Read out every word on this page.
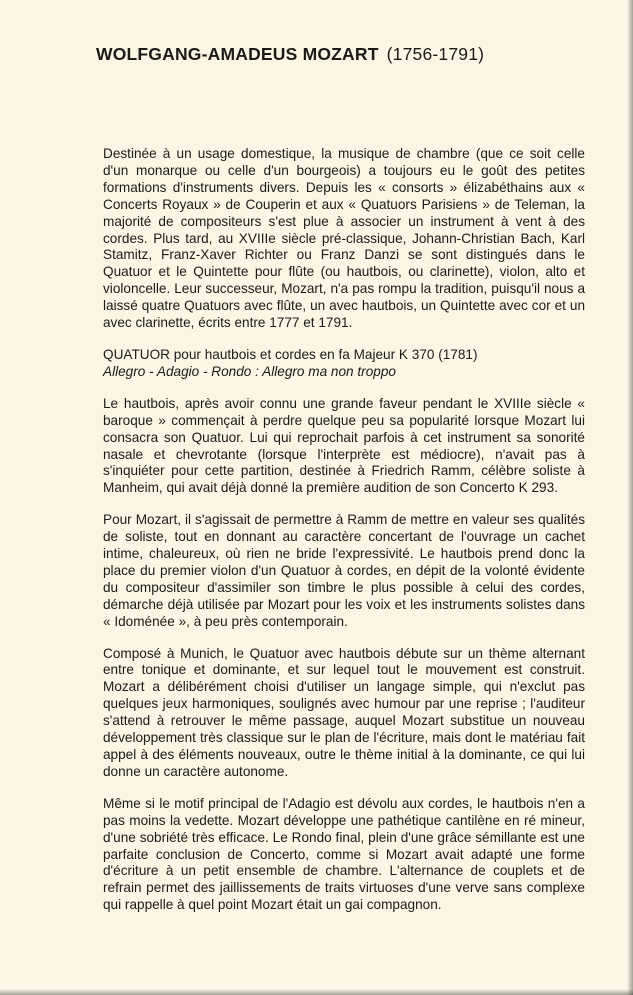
WOLFGANG-AMADEUS MOZART (1756-1791)

Destinée à un usage domestique, la musique de chambre (que ce soit celle d'un monarque ou celle d'un bourgeois) a toujours eu le goût des petites formations d'instruments divers. Depuis les « consorts » élizabéthains aux « Concerts Royaux » de Couperin et aux « Quatuors Parisiens » de Teleman, la majorité de compositeurs s'est plue à associer un instrument à vent à des cordes. Plus tard, au XVIIIe siècle pré-classique, Johann-Christian Bach, Karl Stamitz, Franz-Xaver Richter ou Franz Danzi se sont distingués dans le Quatuor et le Quintette pour flûte (ou hautbois, ou clarinette), violon, alto et violoncelle. Leur successeur, Mozart, n'a pas rompu la tradition, puisqu'il nous a laissé quatre Quatuors avec flûte, un avec hautbois, un Quintette avec cor et un avec clarinette, écrits entre 1777 et 1791.

QUATUOR pour hautbois et cordes en fa Majeur K 370 (1781)
Allegro - Adagio - Rondo : Allegro ma non troppo

Le hautbois, après avoir connu une grande faveur pendant le XVIIIe siècle « baroque » commençait à perdre quelque peu sa popularité lorsque Mozart lui consacra son Quatuor. Lui qui reprochait parfois à cet instrument sa sonorité nasale et chevrotante (lorsque l'interprète est médiocre), n'avait pas à s'inquiéter pour cette partition, destinée à Friedrich Ramm, célèbre soliste à Manheim, qui avait déjà donné la première audition de son Concerto K 293.

Pour Mozart, il s'agissait de permettre à Ramm de mettre en valeur ses qualités de soliste, tout en donnant au caractère concertant de l'ouvrage un cachet intime, chaleureux, où rien ne bride l'expressivité. Le hautbois prend donc la place du premier violon d'un Quatuor à cordes, en dépit de la volonté évidente du compositeur d'assimiler son timbre le plus possible à celui des cordes, démarche déjà utilisée par Mozart pour les voix et les instruments solistes dans « Idoménée », à peu près contemporain.

Composé à Munich, le Quatuor avec hautbois débute sur un thème alternant entre tonique et dominante, et sur lequel tout le mouvement est construit. Mozart a délibérément choisi d'utiliser un langage simple, qui n'exclut pas quelques jeux harmoniques, soulignés avec humour par une reprise ; l'auditeur s'attend à retrouver le même passage, auquel Mozart substitue un nouveau développement très classique sur le plan de l'écriture, mais dont le matériau fait appel à des éléments nouveaux, outre le thème initial à la dominante, ce qui lui donne un caractère autonome.

Même si le motif principal de l'Adagio est dévolu aux cordes, le hautbois n'en a pas moins la vedette. Mozart développe une pathétique cantilène en ré mineur, d'une sobriété très efficace. Le Rondo final, plein d'une grâce sémillante est une parfaite conclusion de Concerto, comme si Mozart avait adapté une forme d'écriture à un petit ensemble de chambre. L'alternance de couplets et de refrain permet des jaillissements de traits virtuoses d'une verve sans complexe qui rappelle à quel point Mozart était un gai compagnon.
